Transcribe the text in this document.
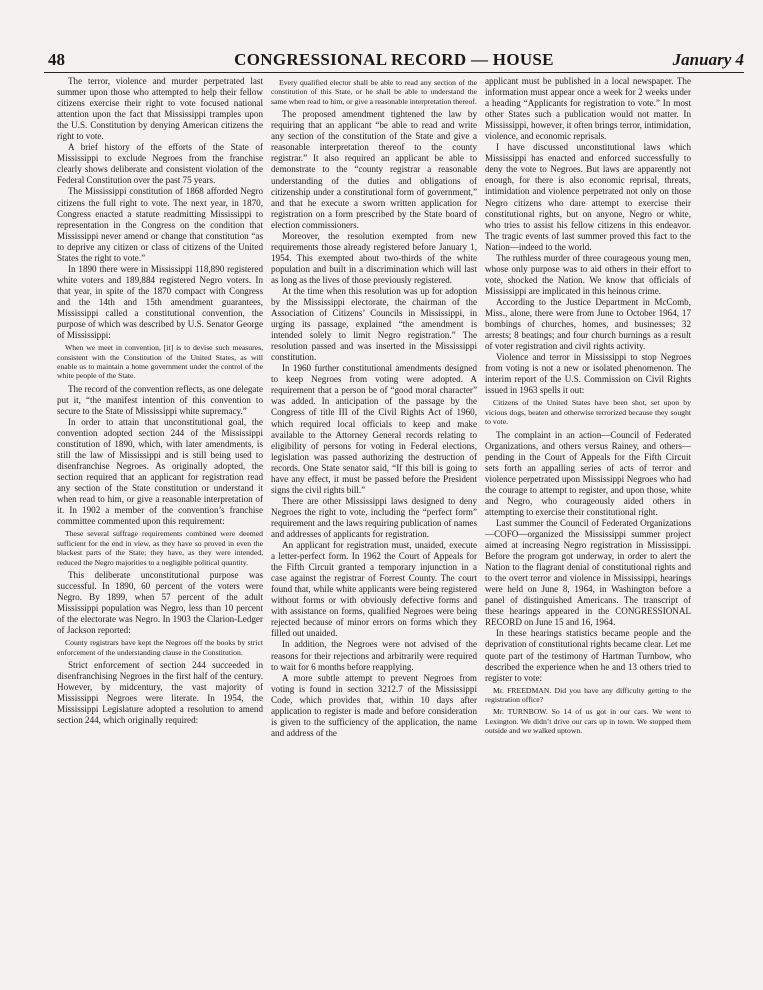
48	CONGRESSIONAL RECORD — HOUSE	January 4

The terror, violence and murder perpetrated last summer upon those who attempted to help their fellow citizens exercise their right to vote focused national attention upon the fact that Mississippi tramples upon the U.S. Constitution by denying American citizens the right to vote.

A brief history of the efforts of the State of Mississippi to exclude Negroes from the franchise clearly shows deliberate and consistent violation of the Federal Constitution over the past 75 years.

The Mississippi constitution of 1868 afforded Negro citizens the full right to vote. The next year, in 1870, Congress enacted a statute readmitting Mississippi to representation in the Congress on the condition that Mississippi never amend or change that constitution “as to deprive any citizen or class of citizens of the United States the right to vote.”

In 1890 there were in Mississippi 118,890 registered white voters and 189,884 registered Negro voters. In that year, in spite of the 1870 compact with Congress and the 14th and 15th amendment guarantees, Mississippi called a constitutional convention, the purpose of which was described by U.S. Senator George of Mississippi:

When we meet in convention, [it] is to devise such measures, consistent with the Constitution of the United States, as will enable us to maintain a home government under the control of the white people of the State.

The record of the convention reflects, as one delegate put it, “the manifest intention of this convention to secure to the State of Mississippi white supremacy.”

In order to attain that unconstitutional goal, the convention adopted section 244 of the Mississippi constitution of 1890, which, with later amendments, is still the law of Mississippi and is still being used to disenfranchise Negroes. As originally adopted, the section required that an applicant for registration read any section of the State constitution or understand it when read to him, or give a reasonable interpretation of it. In 1902 a member of the convention’s franchise committee commented upon this requirement:

These several suffrage requirements combined were deemed sufficient for the end in view, as they have so proved in even the blackest parts of the State; they have, as they were intended, reduced the Negro majorities to a negligible political quantity.

This deliberate unconstitutional purpose was successful. In 1890, 60 percent of the voters were Negro. By 1899, when 57 percent of the adult Mississippi population was Negro, less than 10 percent of the electorate was Negro. In 1903 the Clarion-Ledger of Jackson reported:

County registrars have kept the Negroes off the books by strict enforcement of the understanding clause in the Constitution.

Strict enforcement of section 244 succeeded in disenfranchising Negroes in the first half of the century. However, by midcentury, the vast majority of Mississippi Negroes were literate. In 1954, the Mississippi Legislature adopted a resolution to amend section 244, which originally required:

Every qualified elector shall be able to read any section of the constitution of this State, or he shall be able to understand the same when read to him, or give a reasonable interpretation thereof.

The proposed amendment tightened the law by requiring that an applicant “be able to read and write any section of the constitution of the State and give a reasonable interpretation thereof to the county registrar.” It also required an applicant be able to demonstrate to the “county registrar a reasonable understanding of the duties and obligations of citizenship under a constitutional form of government,” and that he execute a sworn written application for registration on a form prescribed by the State board of election commissioners.

Moreover, the resolution exempted from new requirements those already registered before January 1, 1954. This exempted about two-thirds of the white population and built in a discrimination which will last as long as the lives of those previously registered.

At the time when this resolution was up for adoption by the Mississippi electorate, the chairman of the Association of Citizens’ Councils in Mississippi, in urging its passage, explained “the amendment is intended solely to limit Negro registration.” The resolution passed and was inserted in the Mississippi constitution.

In 1960 further constitutional amendments designed to keep Negroes from voting were adopted. A requirement that a person be of “good moral character” was added. In anticipation of the passage by the Congress of title III of the Civil Rights Act of 1960, which required local officials to keep and make available to the Attorney General records relating to eligibility of persons for voting in Federal elections, legislation was passed authorizing the destruction of records. One State senator said, “If this bill is going to have any effect, it must be passed before the President signs the civil rights bill.”

There are other Mississippi laws designed to deny Negroes the right to vote, including the “perfect form” requirement and the laws requiring publication of names and addresses of applicants for registration.

An applicant for registration must, unaided, execute a letter-perfect form. In 1962 the Court of Appeals for the Fifth Circuit granted a temporary injunction in a case against the registrar of Forrest County. The court found that, while white applicants were being registered without forms or with obviously defective forms and with assistance on forms, qualified Negroes were being rejected because of minor errors on forms which they filled out unaided.

In addition, the Negroes were not advised of the reasons for their rejections and arbitrarily were required to wait for 6 months before reapplying.

A more subtle attempt to prevent Negroes from voting is found in section 3212.7 of the Mississippi Code, which provides that, within 10 days after application to register is made and before consideration is given to the sufficiency of the application, the name and address of the

applicant must be published in a local newspaper. The information must appear once a week for 2 weeks under a heading “Applicants for registration to vote.” In most other States such a publication would not matter. In Mississippi, however, it often brings terror, intimidation, violence, and economic reprisals.

I have discussed unconstitutional laws which Mississippi has enacted and enforced successfully to deny the vote to Negroes. But laws are apparently not enough, for there is also economic reprisal, threats, intimidation and violence perpetrated not only on those Negro citizens who dare attempt to exercise their constitutional rights, but on anyone, Negro or white, who tries to assist his fellow citizens in this endeavor. The tragic events of last summer proved this fact to the Nation—indeed to the world.

The ruthless murder of three courageous young men, whose only purpose was to aid others in their effort to vote, shocked the Nation. We know that officials of Mississippi are implicated in this heinous crime.

According to the Justice Department in McComb, Miss., alone, there were from June to October 1964, 17 bombings of churches, homes, and businesses; 32 arrests; 8 beatings; and four church burnings as a result of voter registration and civil rights activity.

Violence and terror in Mississippi to stop Negroes from voting is not a new or isolated phenomenon. The interim report of the U.S. Commission on Civil Rights issued in 1963 spells it out:

Citizens of the United States have been shot, set upon by vicious dogs, beaten and otherwise terrorized because they sought to vote.

The complaint in an action—Council of Federated Organizations, and others versus Rainey, and others—pending in the Court of Appeals for the Fifth Circuit sets forth an appalling series of acts of terror and violence perpetrated upon Mississippi Negroes who had the courage to attempt to register, and upon those, white and Negro, who courageously aided others in attempting to exercise their constitutional right.

Last summer the Council of Federated Organizations—COFO—organized the Mississippi summer project aimed at increasing Negro registration in Mississippi. Before the program got underway, in order to alert the Nation to the flagrant denial of constitutional rights and to the overt terror and violence in Mississippi, hearings were held on June 8, 1964, in Washington before a panel of distinguished Americans. The transcript of these hearings appeared in the CONGRESSIONAL RECORD on June 15 and 16, 1964.

In these hearings statistics became people and the deprivation of constitutional rights became clear. Let me quote part of the testimony of Hartman Turnbow, who described the experience when he and 13 others tried to register to vote:

Mr. FREEDMAN. Did you have any difficulty getting to the registration office?

Mr. TURNBOW. So 14 of us got in our cars. We went to Lexington. We didn’t drive our cars up in town. We stopped them outside and we walked uptown.
